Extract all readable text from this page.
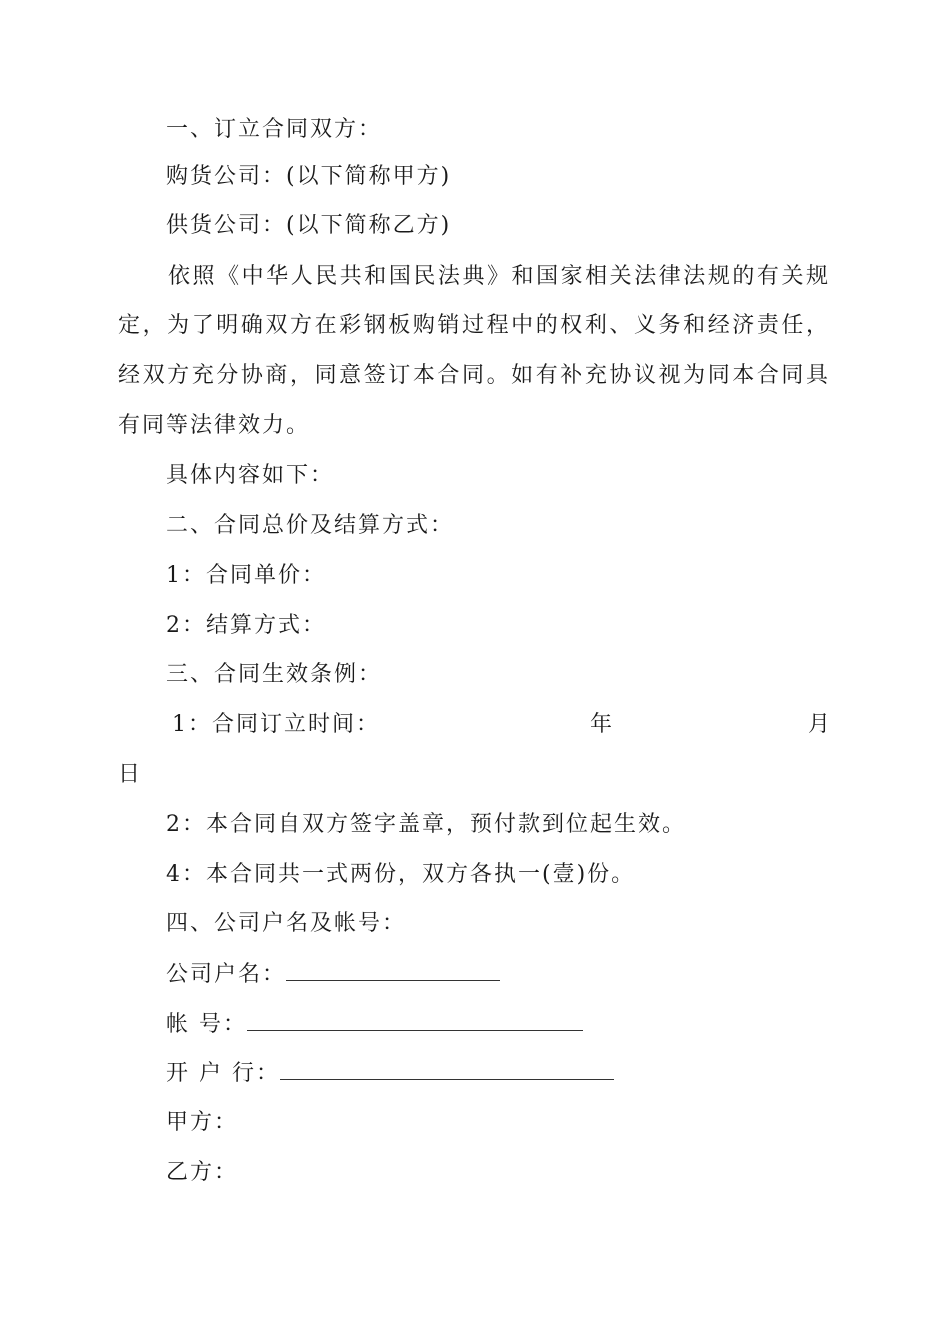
一、订立合同双方：
购货公司：(以下简称甲方)
供货公司：(以下简称乙方)
依照《中华人民共和国民法典》和国家相关法律法规的有关规
定，为了明确双方在彩钢板购销过程中的权利、义务和经济责任，
经双方充分协商，同意签订本合同。如有补充协议视为同本合同具
有同等法律效力。
具体内容如下：
二、合同总价及结算方式：
1：合同单价：
2：结算方式：
三、合同生效条例：
1：合同订立时间：	年	月
日
2：本合同自双方签字盖章，预付款到位起生效。
4：本合同共一式两份，双方各执一(壹)份。
四、公司户名及帐号：
公司户名：
帐 号：
开 户 行：
甲方：
乙方：
